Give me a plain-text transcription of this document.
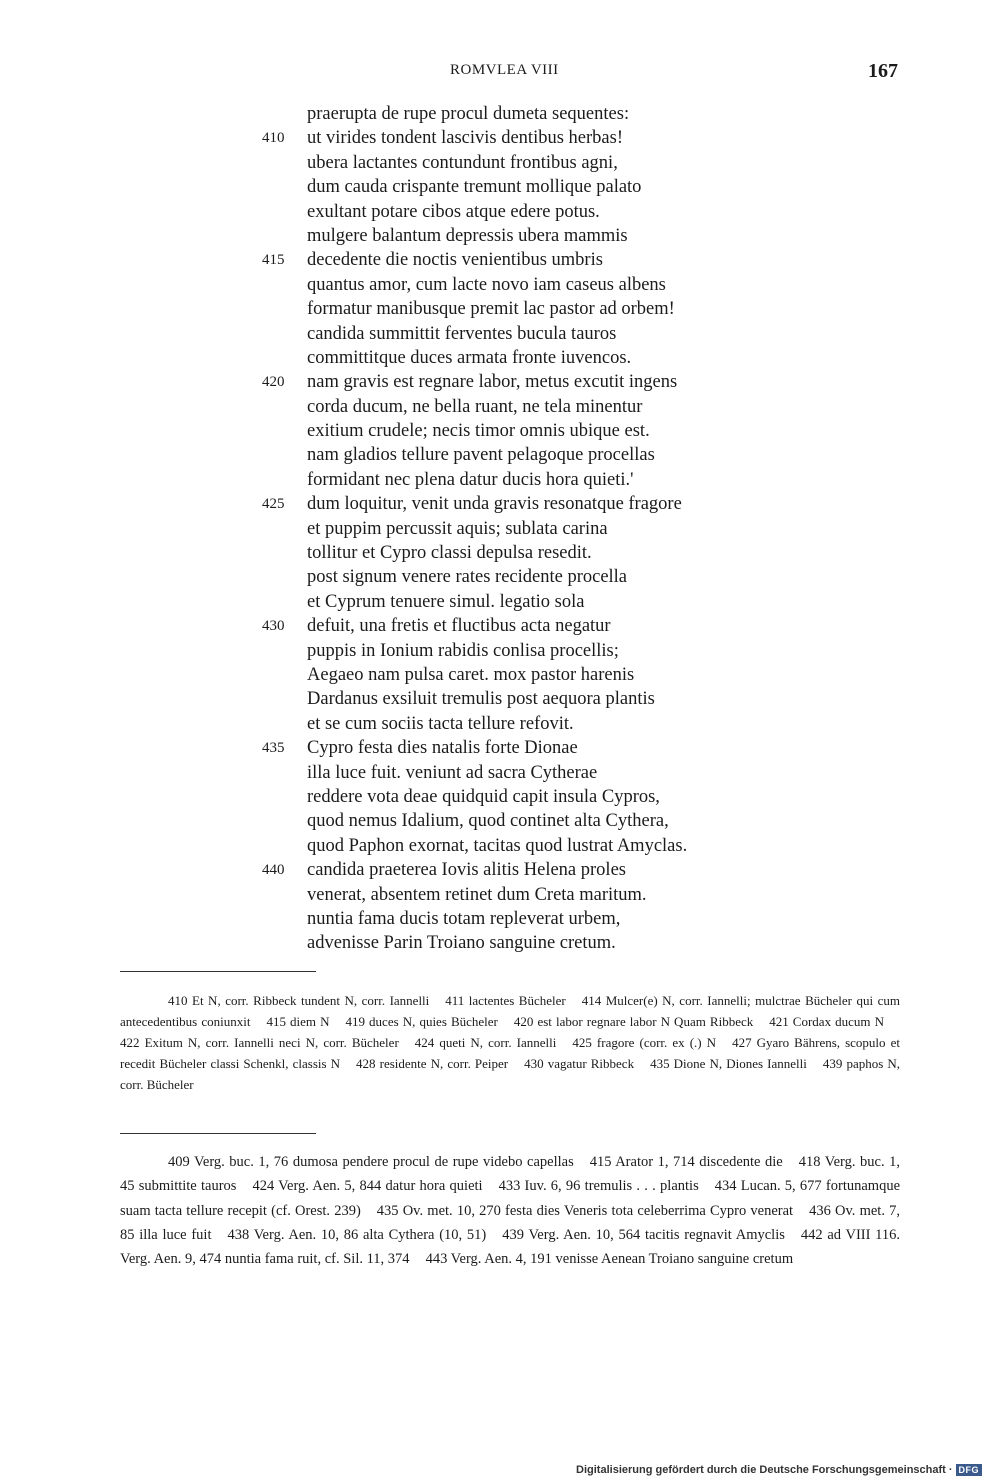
ROMVLEA VIII	167
praerupta de rupe procul dumeta sequentes:
410	ut virides tondent lascivis dentibus herbas!
ubera lactantes contundunt frontibus agni,
dum cauda crispante tremunt mollique palato
exultant potare cibos atque edere potus.
mulgere balantum depressis ubera mammis
415	decedente die noctis venientibus umbris
quantus amor, cum lacte novo iam caseus albens
formatur manibusque premit lac pastor ad orbem!
candida summittit ferventes bucula tauros
committitque duces armata fronte iuvencos.
420	nam gravis est regnare labor, metus excutit ingens
corda ducum, ne bella ruant, ne tela minentur
exitium crudele; necis timor omnis ubique est.
nam gladios tellure pavent pelagoque procellas
formidant nec plena datur ducis hora quieti.'
425	dum loquitur, venit unda gravis resonatque fragore
et puppim percussit aquis; sublata carina
tollitur et Cypro classi depulsa resedit.
post signum venere rates recidente procella
et Cyprum tenuere simul. legatio sola
430	defuit, una fretis et fluctibus acta negatur
puppis in Ionium rabidis conlisa procellis;
Aegaeo nam pulsa caret. mox pastor harenis
Dardanus exsiluit tremulis post aequora plantis
et se cum sociis tacta tellure refovit.
435	Cypro festa dies natalis forte Dionae
illa luce fuit. veniunt ad sacra Cytherae
reddere vota deae quidquid capit insula Cypros,
quod nemus Idalium, quod continet alta Cythera,
quod Paphon exornat, tacitas quod lustrat Amyclas.
440	candida praeterea Iovis alitis Helena proles
venerat, absentem retinet dum Creta maritum.
nuntia fama ducis totam repleverat urbem,
advenisse Parin Troiano sanguine cretum.
410 Et N, corr. Ribbeck tundent N, corr. Iannelli 411 lactentes Bücheler 414 Mulcer(e) N, corr. Iannelli; mulctrae Bücheler qui cum antecedentibus coniunxit 415 diem N 419 duces N, quies Bücheler 420 est labor regnare labor N Quam Ribbeck 421 Cordax ducum N422 Exitum N, corr. Iannelli neci N, corr. Bücheler 424 queti N, corr. Iannelli 425 fragore (corr. ex (.) N 427 Gyaro Bährens, scopulo et recedit Bücheler classi Schenkl, classis N 428 residente N, corr. Peiper 430 vagatur Ribbeck 435 Dione N, Diones Iannelli 439 paphos N, corr. Bücheler
409 Verg. buc. 1, 76 dumosa pendere procul de rupe videbo capellas 415 Arator 1, 714 discedente die 418 Verg. buc. 1, 45 submittite tauros 424 Verg. Aen. 5, 844 datur hora quieti 433 Iuv. 6, 96 tremulis . . . plantis 434 Lucan. 5, 677 fortunamque suam tacta tellure recepit (cf. Orest. 239) 435 Ov. met. 10, 270 festa dies Veneris tota celeberrima Cypro venerat 436 Ov. met. 7, 85 illa luce fuit 438 Verg. Aen. 10, 86 alta Cythera (10, 51) 439 Verg. Aen. 10, 564 tacitis regnavit Amyclis 442 ad VIII 116. Verg. Aen. 9, 474 nuntia fama ruit, cf. Sil. 11, 374 443 Verg. Aen. 4, 191 venisse Aenean Troiano sanguine cretum
Digitalisierung gefördert durch die Deutsche Forschungsgemeinschaft · DFG
